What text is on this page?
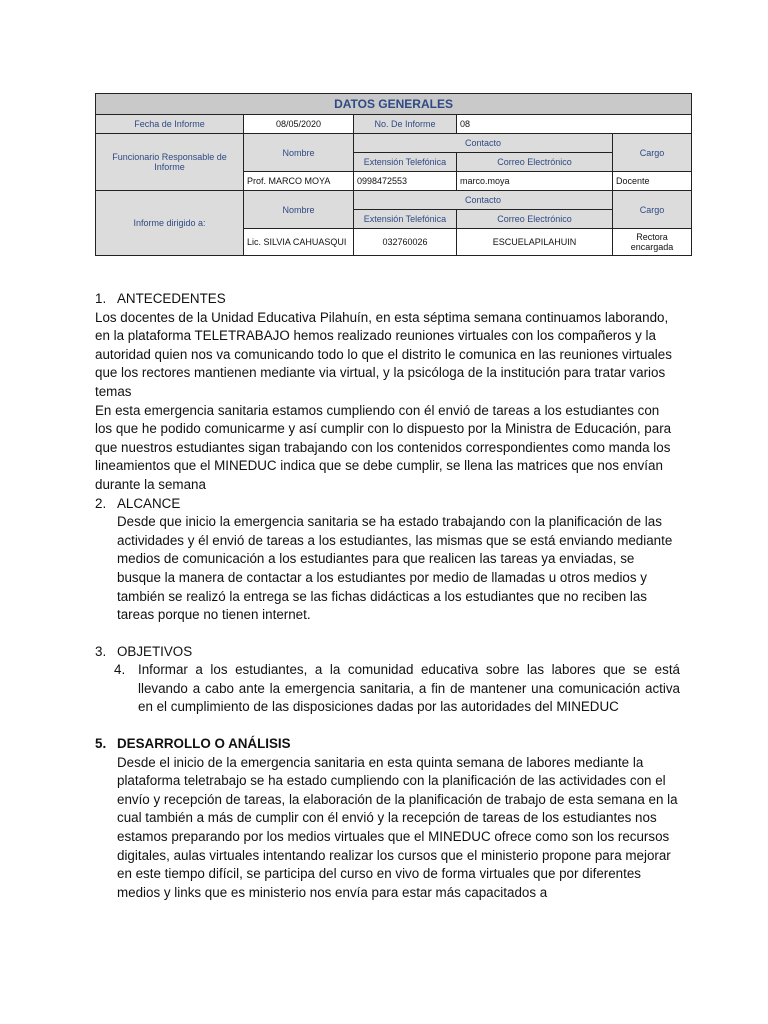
DATOS GENERALES				
Fecha de Informe	08/05/2020	No. De Informe	08	
Funcionario Responsable de Informe	Nombre	Contacto		Cargo
		Extensión Telefónica	Correo Electrónico	
	Prof. MARCO MOYA	0998472553	marco.moya	Docente
Informe dirigido a:	Nombre	Contacto		Cargo
		Extensión Telefónica	Correo Electrónico	
	Lic. SILVIA CAHUASQUI	032760026	ESCUELAPILAHUIN	Rectora encargada
1. ANTECEDENTES

Los docentes de la Unidad Educativa Pilahuín, en esta séptima semana continuamos laborando, en la plataforma TELETRABAJO hemos realizado reuniones virtuales con los compañeros y la autoridad quien nos va comunicando todo lo que el distrito le comunica en las reuniones virtuales que los rectores mantienen mediante via virtual, y la psicóloga de la institución para tratar varios temas

En esta emergencia sanitaria estamos cumpliendo con él envió de tareas a los estudiantes con los que he podido comunicarme y así cumplir con lo dispuesto por la Ministra de Educación, para que nuestros estudiantes sigan trabajando con los contenidos correspondientes como manda los lineamientos que el MINEDUC indica que se debe cumplir, se llena las matrices que nos envían durante la semana

2. ALCANCE

Desde que inicio la emergencia sanitaria se ha estado trabajando con la planificación de las actividades y él envió de tareas a los estudiantes, las mismas que se está enviando mediante medios de comunicación a los estudiantes para que realicen las tareas ya enviadas, se busque la manera de contactar a los estudiantes por medio de llamadas u otros medios y también se realizó la entrega se las fichas didácticas a los estudiantes que no reciben las tareas porque no tienen internet.

3. OBJETIVOS
4. Informar a los estudiantes, a la comunidad educativa sobre las labores que se está llevando a cabo ante la emergencia sanitaria, a fin de mantener una comunicación activa en el cumplimiento de las disposiciones dadas por las autoridades del MINEDUC
5. DESARROLLO O ANÁLISIS

Desde el inicio de la emergencia sanitaria en esta quinta semana de labores mediante la plataforma teletrabajo se ha estado cumpliendo con la planificación de las actividades con el envío y recepción de tareas, la elaboración de la planificación de trabajo de esta semana en la cual también a más de cumplir con él envió y la recepción de tareas de los estudiantes nos estamos preparando por los medios virtuales que el MINEDUC ofrece como son los recursos digitales, aulas virtuales intentando realizar los cursos que el ministerio propone para mejorar en este tiempo difícil, se participa del curso en vivo de forma virtuales que por diferentes medios y links que es ministerio nos envía para estar más capacitados a
